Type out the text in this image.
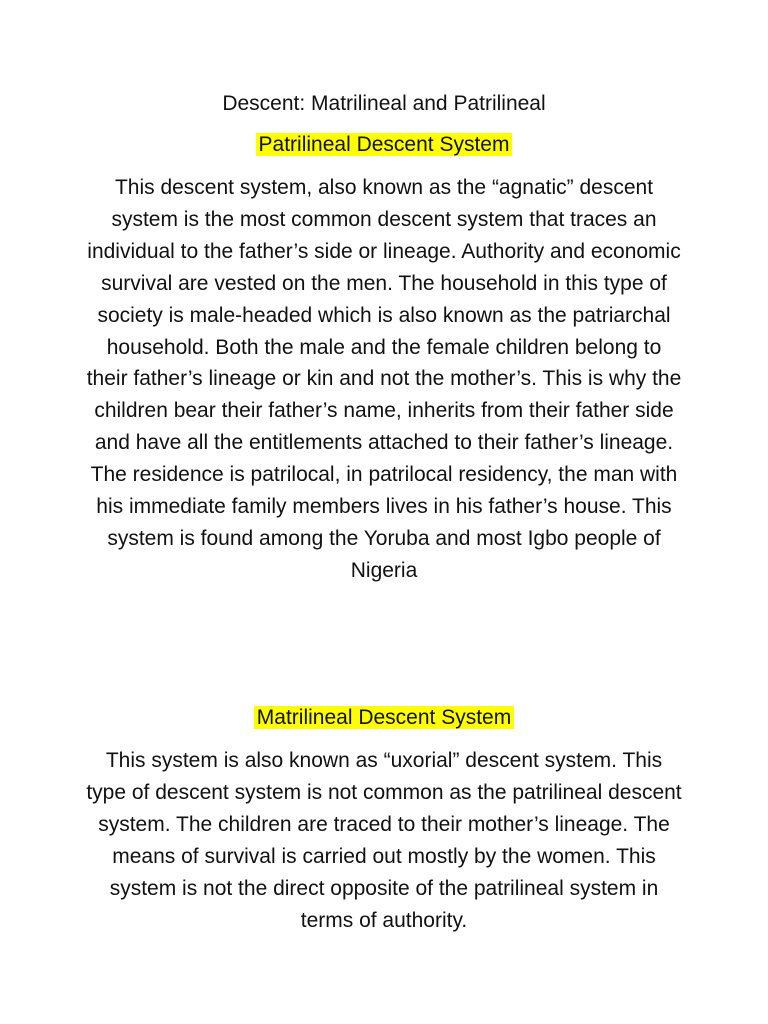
Descent: Matrilineal and Patrilineal
Patrilineal Descent System

This descent system, also known as the “agnatic” descent system is the most common descent system that traces an individual to the father’s side or lineage. Authority and economic survival are vested on the men. The household in this type of society is male-headed which is also known as the patriarchal household. Both the male and the female children belong to their father’s lineage or kin and not the mother’s. This is why the children bear their father’s name, inherits from their father side and have all the entitlements attached to their father’s lineage. The residence is patrilocal, in patrilocal residency, the man with his immediate family members lives in his father’s house. This system is found among the Yoruba and most Igbo people of Nigeria

Matrilineal Descent System

This system is also known as “uxorial” descent system. This type of descent system is not common as the patrilineal descent system. The children are traced to their mother’s lineage. The means of survival is carried out mostly by the women. This system is not the direct opposite of the patrilineal system in terms of authority.
